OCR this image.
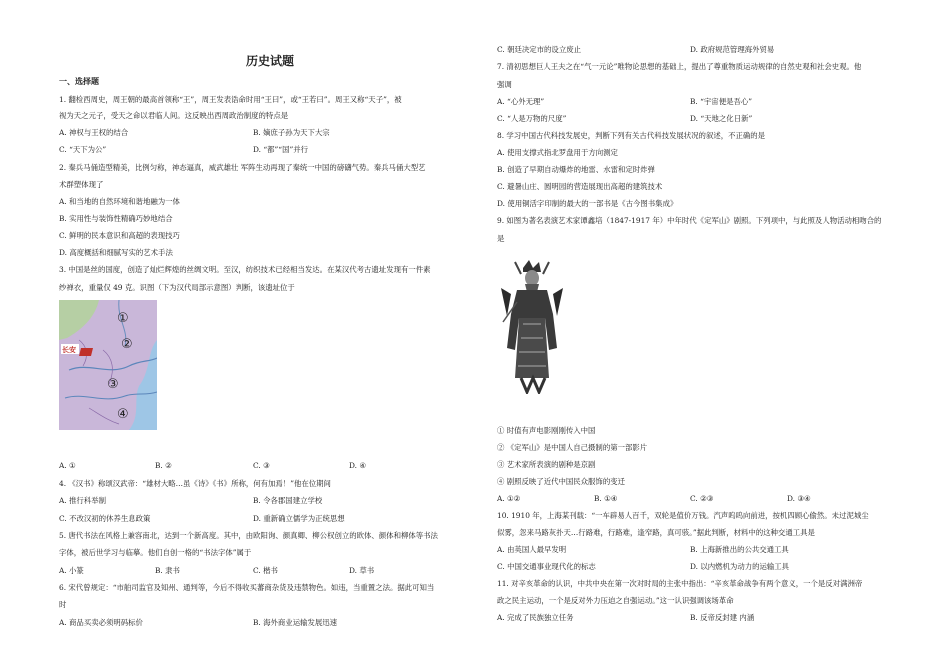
历史试题
一、选择题
1. 翻检西周史，周王朝的最高首领称“王”，周王发表诰命时用“王曰”，或“王若曰”。周王又称“天子”，被
视为天之元子，受天之命以君临人间。这反映出西周政治制度的特点是
A. 神权与王权的结合	B. 嫡庶子孙为天下大宗
C. “天下为公”	D. “都”“国”并行
2. 秦兵马俑造型精美，比例匀称，神态逼真，威武雄壮 军阵生动再现了秦统一中国的磅礴气势。秦兵马俑大型艺
术群塑体现了
A. 和当地的自然环境和谐地融为一体
B. 实用性与装饰性精确巧妙地结合
C. 鲜明的民本意识和高超的表现技巧
D. 高度概括和细腻写实的艺术手法
3. 中国是丝的国度，创造了灿烂辉煌的丝绸文明。至汉，纺织技术已经相当发达。在某汉代考古遗址发现有一件素
纱禅衣，重量仅 49 克。识图（下为汉代局部示意图）判断，该遗址位于
长安
①
②
③
④
A. ①	B. ②	C. ③	D. ④
4. 《汉书》称颂汉武帝：“雄材大略…虽《诗》《书》所称，何有加焉！”他在位期间
A. 推行科举制	B. 令各郡国建立学校
C. 不改汉初的休养生息政策	D. 重新确立儒学为正统思想
5. 唐代书法在风格上兼容南北，达到一个新高度。其中，由欧阳询、颜真卿、柳公权创立的欧体、颜体和柳体等书法
字体，被后世学习与临摹。他们自创一格的“书法字体”属于
A. 小篆	B. 隶书	C. 楷书	D. 草书
6. 宋代曾规定：“市舶司监官及知州、通判等，今后不得收买蕃商杂货及违禁物色。如违，当重置之法。据此可知当
时
A. 商品买卖必须明码标价	B. 海外商业运输发展迅速
C. 朝廷决定市的设立废止	D. 政府规范管理海外贸易
7. 清初思想巨人王夫之在“气一元论”唯物论思想的基础上，提出了尊重物质运动规律的自然史观和社会史观。他
强调
A. “心外无理”	B. “宇宙便是吾心”
C. “人是万物的尺度”	D. “天地之化日新”
8. 学习中国古代科技发展史，判断下列有关古代科技发展状况的叙述，不正确的是
A. 使用支撑式指北罗盘用于方向测定
B. 创造了早期自动爆炸的地雷、水雷和定时炸弹
C. 避暑山庄、圆明园的营造展现出高超的建筑技术
D. 使用铜活字印制的最大的一部书是《古今图书集成》
9. 如图为著名表演艺术家谭鑫培（1847-1917 年）中年时代《定军山》剧照。下列项中，与此照及人物活动相吻合的
是
① 时值有声电影刚刚传入中国
② 《定军山》是中国人自己摄制的第一部影片
③ 艺术家所表演的剧种是京剧
④ 剧照反映了近代中国民众服饰的变迁
A. ①②	B. ①④	C. ②③	D. ③④
10. 1910 年，上海某刊载：“一车辟易人百千，双轮是值价万钱。汽声呜呜向前进，按机四顾心偷然。未过泥城尘
似雾，忽来马路灰扑天…行路难，行路难，逢窄路，真可骇。”据此判断，材料中的这种交通工具是
A. 由英国人最早发明	B. 上海新推出的公共交通工具
C. 中国交通事业现代化的标志	D. 以内燃机为动力的运输工具
11. 对辛亥革命的认识，中共中央在第一次对时局的主张中指出：“辛亥革命战争有两个意义，一个是反对满洲帝
政之民主运动，一个是反对外力压迫之自强运动。”这一认识强调该场革命
A. 完成了民族独立任务	B. 反帝反封建 内涵
